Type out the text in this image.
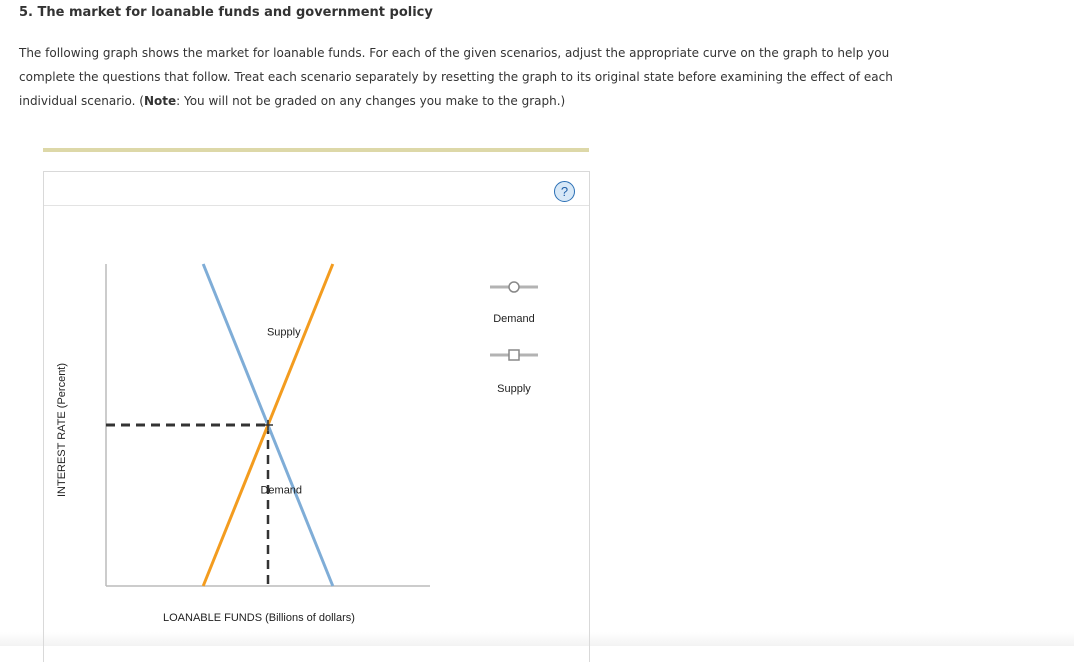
5. The market for loanable funds and government policy

The following graph shows the market for loanable funds. For each of the given scenarios, adjust the appropriate curve on the graph to help you complete the questions that follow. Treat each scenario separately by resetting the graph to its original state before examining the effect of each individual scenario. (Note: You will not be graded on any changes you make to the graph.)

?
INTEREST RATE (Percent)
LOANABLE FUNDS (Billions of dollars)
Supply
Demand
Demand
Supply
